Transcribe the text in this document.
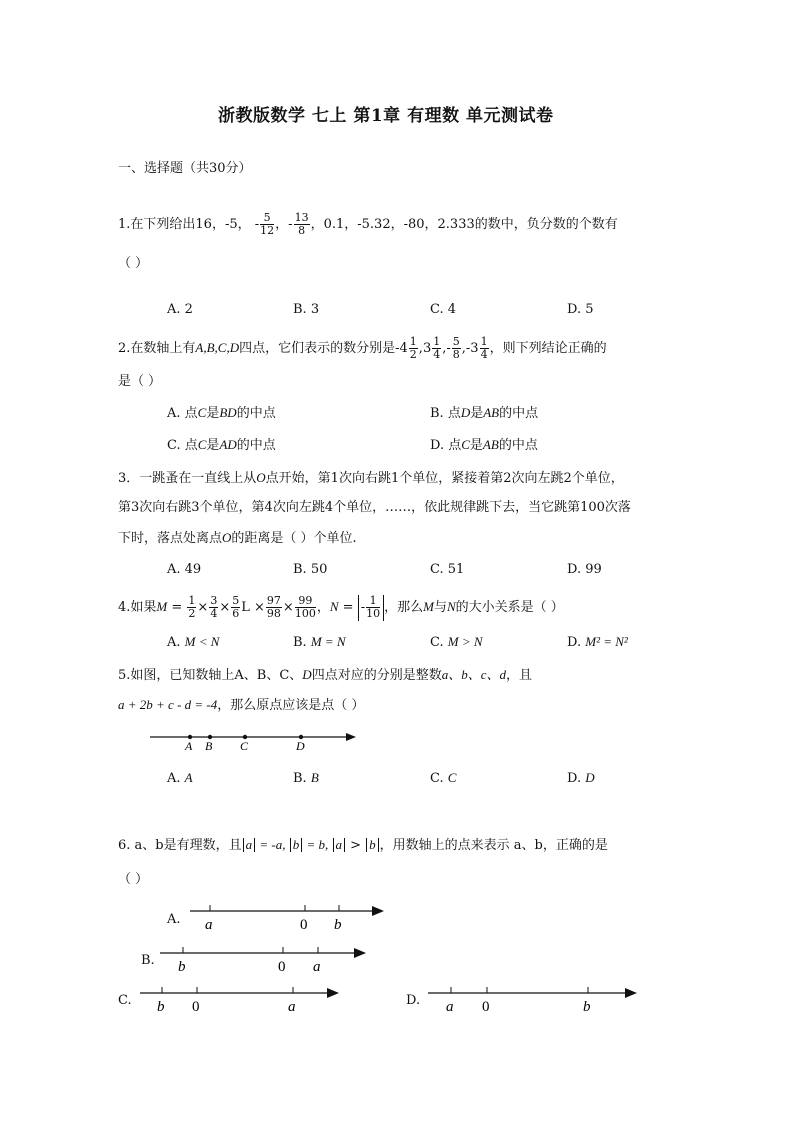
浙教版数学 七上 第1章 有理数 单元测试卷
一、选择题（共30分）
1.在下列给出16，-5， - $\frac{5}{12}$ ，- $\frac{13}{8}$ ，0.1，-5.32，-80，2.333的数中，负分数的个数有
（ ）
A. 2	B. 3	C. 4	D. 5
2.在数轴上有A,B,C,D四点，它们表示的数分别是$-4 \frac{1}{2} ,3 \frac{1}{4}$ ,- $\frac{5}{8} ,-3 \frac{1}{4}$ ，则下列结论正确的
是（ ）
A. 点C是BD的中点	B. 点D是AB的中点
C. 点C是AD的中点	D. 点C是AB的中点
3．一跳蚤在一直线上从O点开始，第1次向右跳1个单位，紧接着第2次向左跳2个单位，
第3次向右跳3个单位，第4次向左跳4个单位，……，依此规律跳下去，当它跳第100次落
下时，落点处离点O的距离是（ ）个单位.
A. 49	B. 50	C. 51	D. 99
4.如果$M = \frac{1}{2} \times \frac{3}{4} \times \frac{5}{6}$ $L \times \frac{97}{98} \times \frac{99}{100}$ ，N = - $\frac{1}{10}$ ，那么M与N的大小关系是（ ）
A. M < N	B. M = N	C. M > N	D. M² = N²
5.如图，已知数轴上A、B、C、D四点对应的分别是整数a、b、c、d，且
a + 2b + c - d = -4，那么原点应该是点（ ）
A B C	D
a	0 b
b	0 a
b 0	a	a 0	b
A. A	B. B	C. C	D. D
6. a、b是有理数，且 a = -a, b = b, a > b ，用数轴上的点来表示 a、b，正确的是
（ ）
A.
B.
C.	D.
